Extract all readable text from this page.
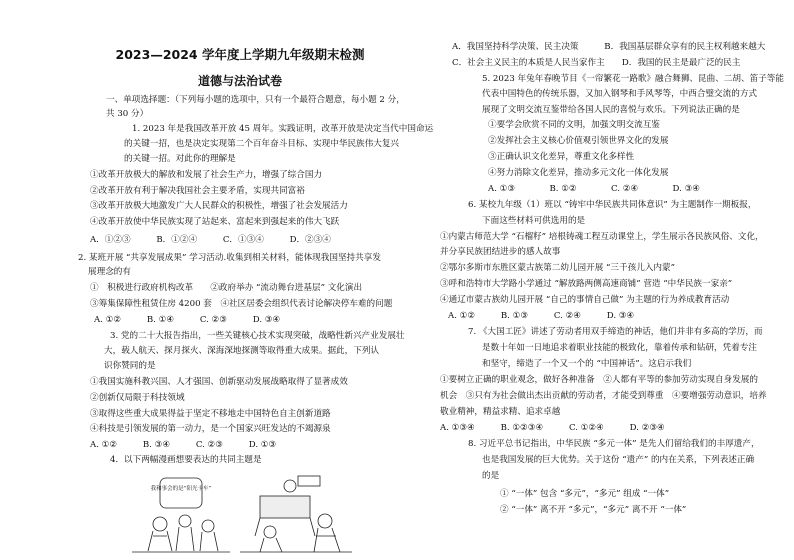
2023—2024 学年度上学期九年级期末检测
道德与法治试卷
一、单项选择题：（下列每小题的选项中，只有一个最符合题意，每小题 2 分，
共 30 分）
1. 2023 年是我国改革开放 45 周年。实践证明，改革开放是决定当代中国命运
的关键一招，也是决定实现第二个百年奋斗目标、实现中华民族伟大复兴
的关键一招。对此你的理解是
①改革开放极大的解放和发展了社会生产力，增强了综合国力
②改革开放有利于解决我国社会主要矛盾，实现共同富裕
③改革开放极大地激发广大人民群众的积极性，增强了社会发展活力
④改革开放使中华民族实现了站起来、富起来到强起来的伟大飞跃
A．①②③　　　B．①②④　　　C．①③④　　　D．②③④
2. 某班开展 “共享发展成果” 学习活动.收集到相关材料，能体现我国坚持共享发
展理念的有
①　积极进行政府机构改革　　②政府举办 “流动舞台进基层” 文化演出
③筹集保障性租赁住房 4200 套　④社区居委会组织代表讨论解决停车难的问题
A. ①②　　　B. ①④　　　C. ②③　　　D. ③④
3. 党的二十大报告指出，一些关键核心技术实现突破，战略性新兴产业发展壮
大，载人航天、探月探火、深海深地探测等取得重大成果。据此，下列认
识你赞同的是
①我国实施科教兴国、人才强国、创新驱动发展战略取得了显著成效
②创新仅局限于科技领域
③取得这些重大成果得益于坚定不移地走中国特色自主创新道路
④科技是引领发展的第一动力，是一个国家兴旺发达的不竭源泉
A. ①②　　　B. ③④　　　C. ②③　　　D. ①③
4．以下两幅漫画想要表达的共同主题是
我和事会的是“阳光卡车”
A．我国坚持科学决策、民主决策　　　B．我国基层群众享有的民主权利越来越大
C．社会主义民主的本质是人民当家作主　　D．我国的民主是最广泛的民主
5. 2023 年兔年春晚节目《一帘繁花一路歌》融合舞狮、昆曲、二胡、笛子等能
代表中国特色的传统乐器，又加入钢琴和手风琴等，中西合璧交流的方式
展现了文明交流互鉴带给各国人民的喜悦与欢乐。下列说法正确的是
①要学会欣赏不同的文明，加强文明交流互鉴
②发挥社会主义核心价值观引领世界文化的发展
③正确认识文化差异，尊重文化多样性
④努力消除文化差异，推动多元文化一体化发展
A. ①③　　　　B. ①②　　　　C. ②④　　　　D. ③④
6. 某校九年级（1）班以 “铸牢中华民族共同体意识” 为主题制作一期板报，
下面这些材料可供选用的是
①内蒙古师范大学 “石榴籽” 培根铸魂工程互动课堂上，学生展示各民族风俗、文化，
并分享民族团结进步的感人故事
②鄂尔多斯市东胜区蒙古族第二幼儿园开展 “三千孩儿入内蒙”
③呼和浩特市大学路小学通过 “解放路两侧高速商铺” 营造 “中华民族一家亲”
④通辽市蒙古族幼儿园开展 “自己的事情自己做” 为主题的行为养成教育活动
A. ①②　　　B. ①③　　　C. ②④　　　D. ③④
7. 《大国工匠》讲述了劳动者用双手缔造的神话，他们并非有多高的学历，而
是数十年如一日地追求着职业技能的极致化，靠着传承和钻研，凭着专注
和坚守，缔造了一个又一个的 “中国神话”。这启示我们
①要树立正确的职业观念，做好各种准备　②人都有平等的参加劳动实现自身发展的
机会　③只有为社会做出杰出贡献的劳动者，才能受到尊重　④要增强劳动意识，培养
敬业精神，精益求精、追求卓越
A. ①③④　　　B. ①②③④　　　C. ①②④　　　D. ②③④
8. 习近平总书记指出，中华民族 “多元一体” 是先人们留给我们的丰厚遗产，
也是我国发展的巨大优势。关于这份 “遗产” 的内在关系，下列表述正确
的是
① “一体” 包含 “多元”，“多元” 组成 “一体”
② “一体” 离不开 “多元”，“多元” 离不开 “一体”
